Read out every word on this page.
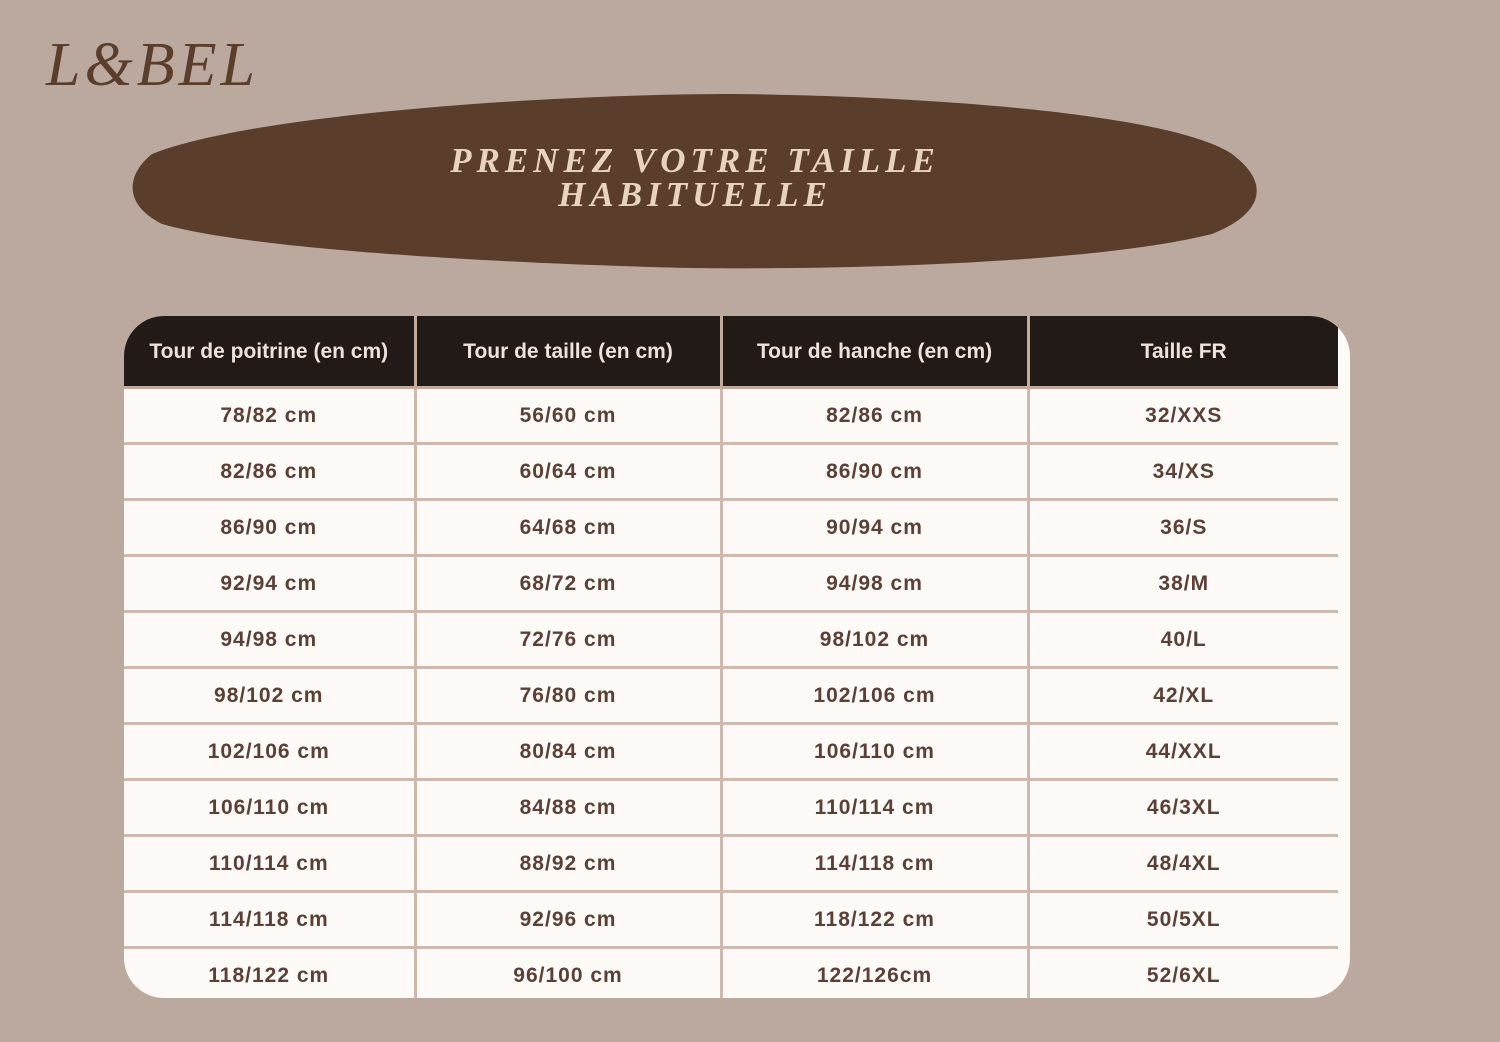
L&BEL
PRENEZ VOTRE TAILLE
HABITUELLE
Tour de poitrine (en cm)	Tour de taille (en cm)	Tour de hanche (en cm)	Taille FR
78/82 cm	56/60 cm	82/86 cm	32/XXS
82/86 cm	60/64 cm	86/90 cm	34/XS
86/90 cm	64/68 cm	90/94 cm	36/S
92/94 cm	68/72 cm	94/98 cm	38/M
94/98 cm	72/76 cm	98/102 cm	40/L
98/102 cm	76/80 cm	102/106 cm	42/XL
102/106 cm	80/84 cm	106/110 cm	44/XXL
106/110 cm	84/88 cm	110/114 cm	46/3XL
110/114 cm	88/92 cm	114/118 cm	48/4XL
114/118 cm	92/96 cm	118/122 cm	50/5XL
118/122 cm	96/100 cm	122/126cm	52/6XL
